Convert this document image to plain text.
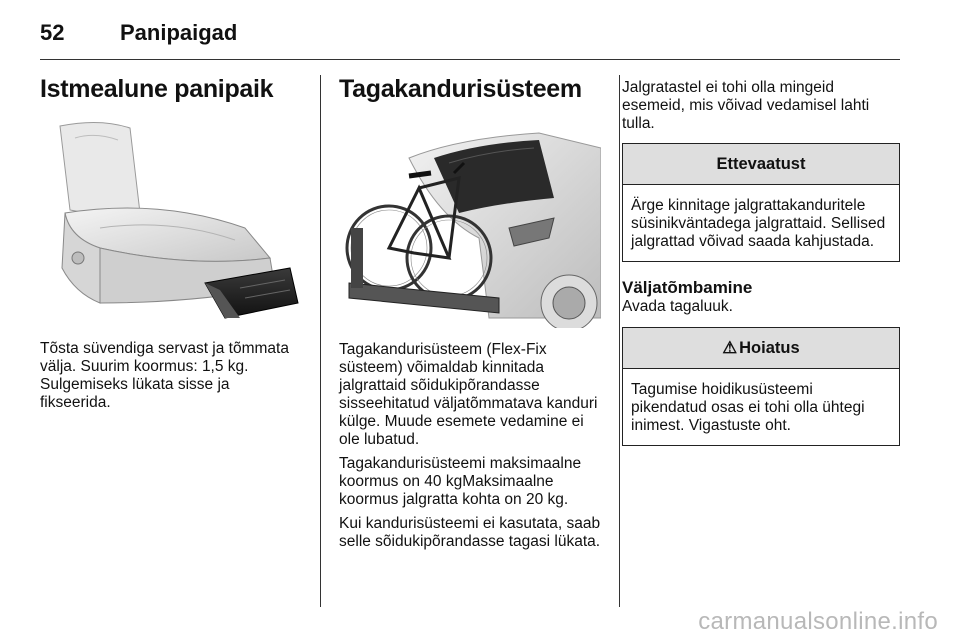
52	Panipaigad
Istmealune panipaik

Tõsta süvendiga servast ja tõmmata välja. Suurim koormus: 1,5 kg. Sulgemiseks lükata sisse ja fikseerida.

Tagakandurisüsteem

Tagakandurisüsteem (Flex-Fix süsteem) võimaldab kinnitada jalgrattaid sõidukipõrandasse sisseehitatud väljatõmmatava kanduri külge. Muude esemete vedamine ei ole lubatud.

Tagakandurisüsteemi maksimaalne koormus on 40 kgMaksimaalne koormus jalgratta kohta on 20 kg.

Kui kandurisüsteemi ei kasutata, saab selle sõidukipõrandasse tagasi lükata.

Jalgratastel ei tohi olla mingeid esemeid, mis võivad vedamisel lahti tulla.

Ettevaatust
Ärge kinnitage jalgrattakanduritele süsinikväntadega jalgrattaid. Sellised jalgrattad võivad saada kahjustada.
Väljatõmbamine

Avada tagaluuk.

⚠ Hoiatus
Tagumise hoidikusüsteemi pikendatud osas ei tohi olla ühtegi inimest. Vigastuste oht.
carmanualsonline.info
